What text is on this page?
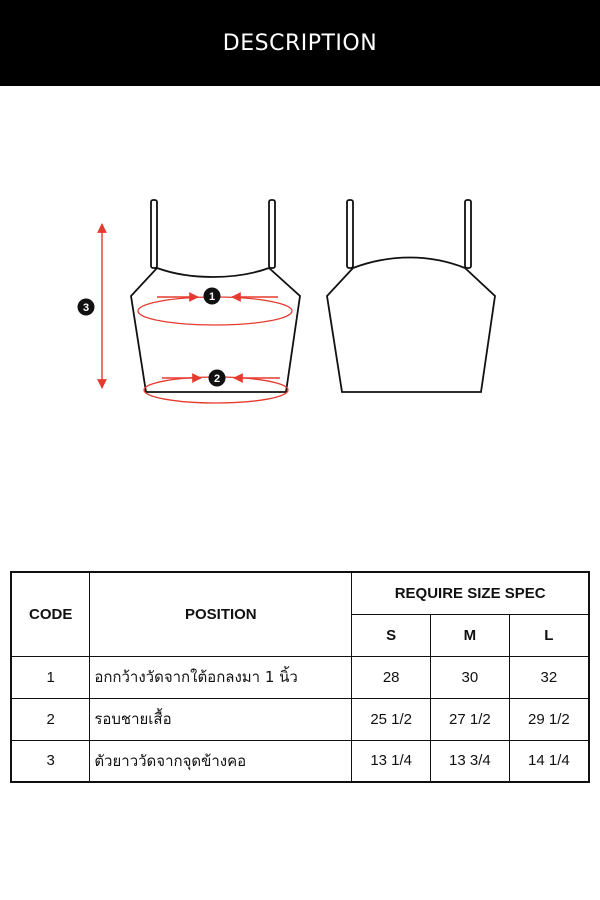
DESCRIPTION
1
2
3
CODE	POSITION	REQUIRE SIZE SPEC		
		S	M	L
1	อกกว้างวัดจากใต้อกลงมา 1 นิ้ว	28	30	32
2	รอบชายเสื้อ	25 1/2	27 1/2	29 1/2
3	ตัวยาววัดจากจุดข้างคอ	13 1/4	13 3/4	14 1/4
